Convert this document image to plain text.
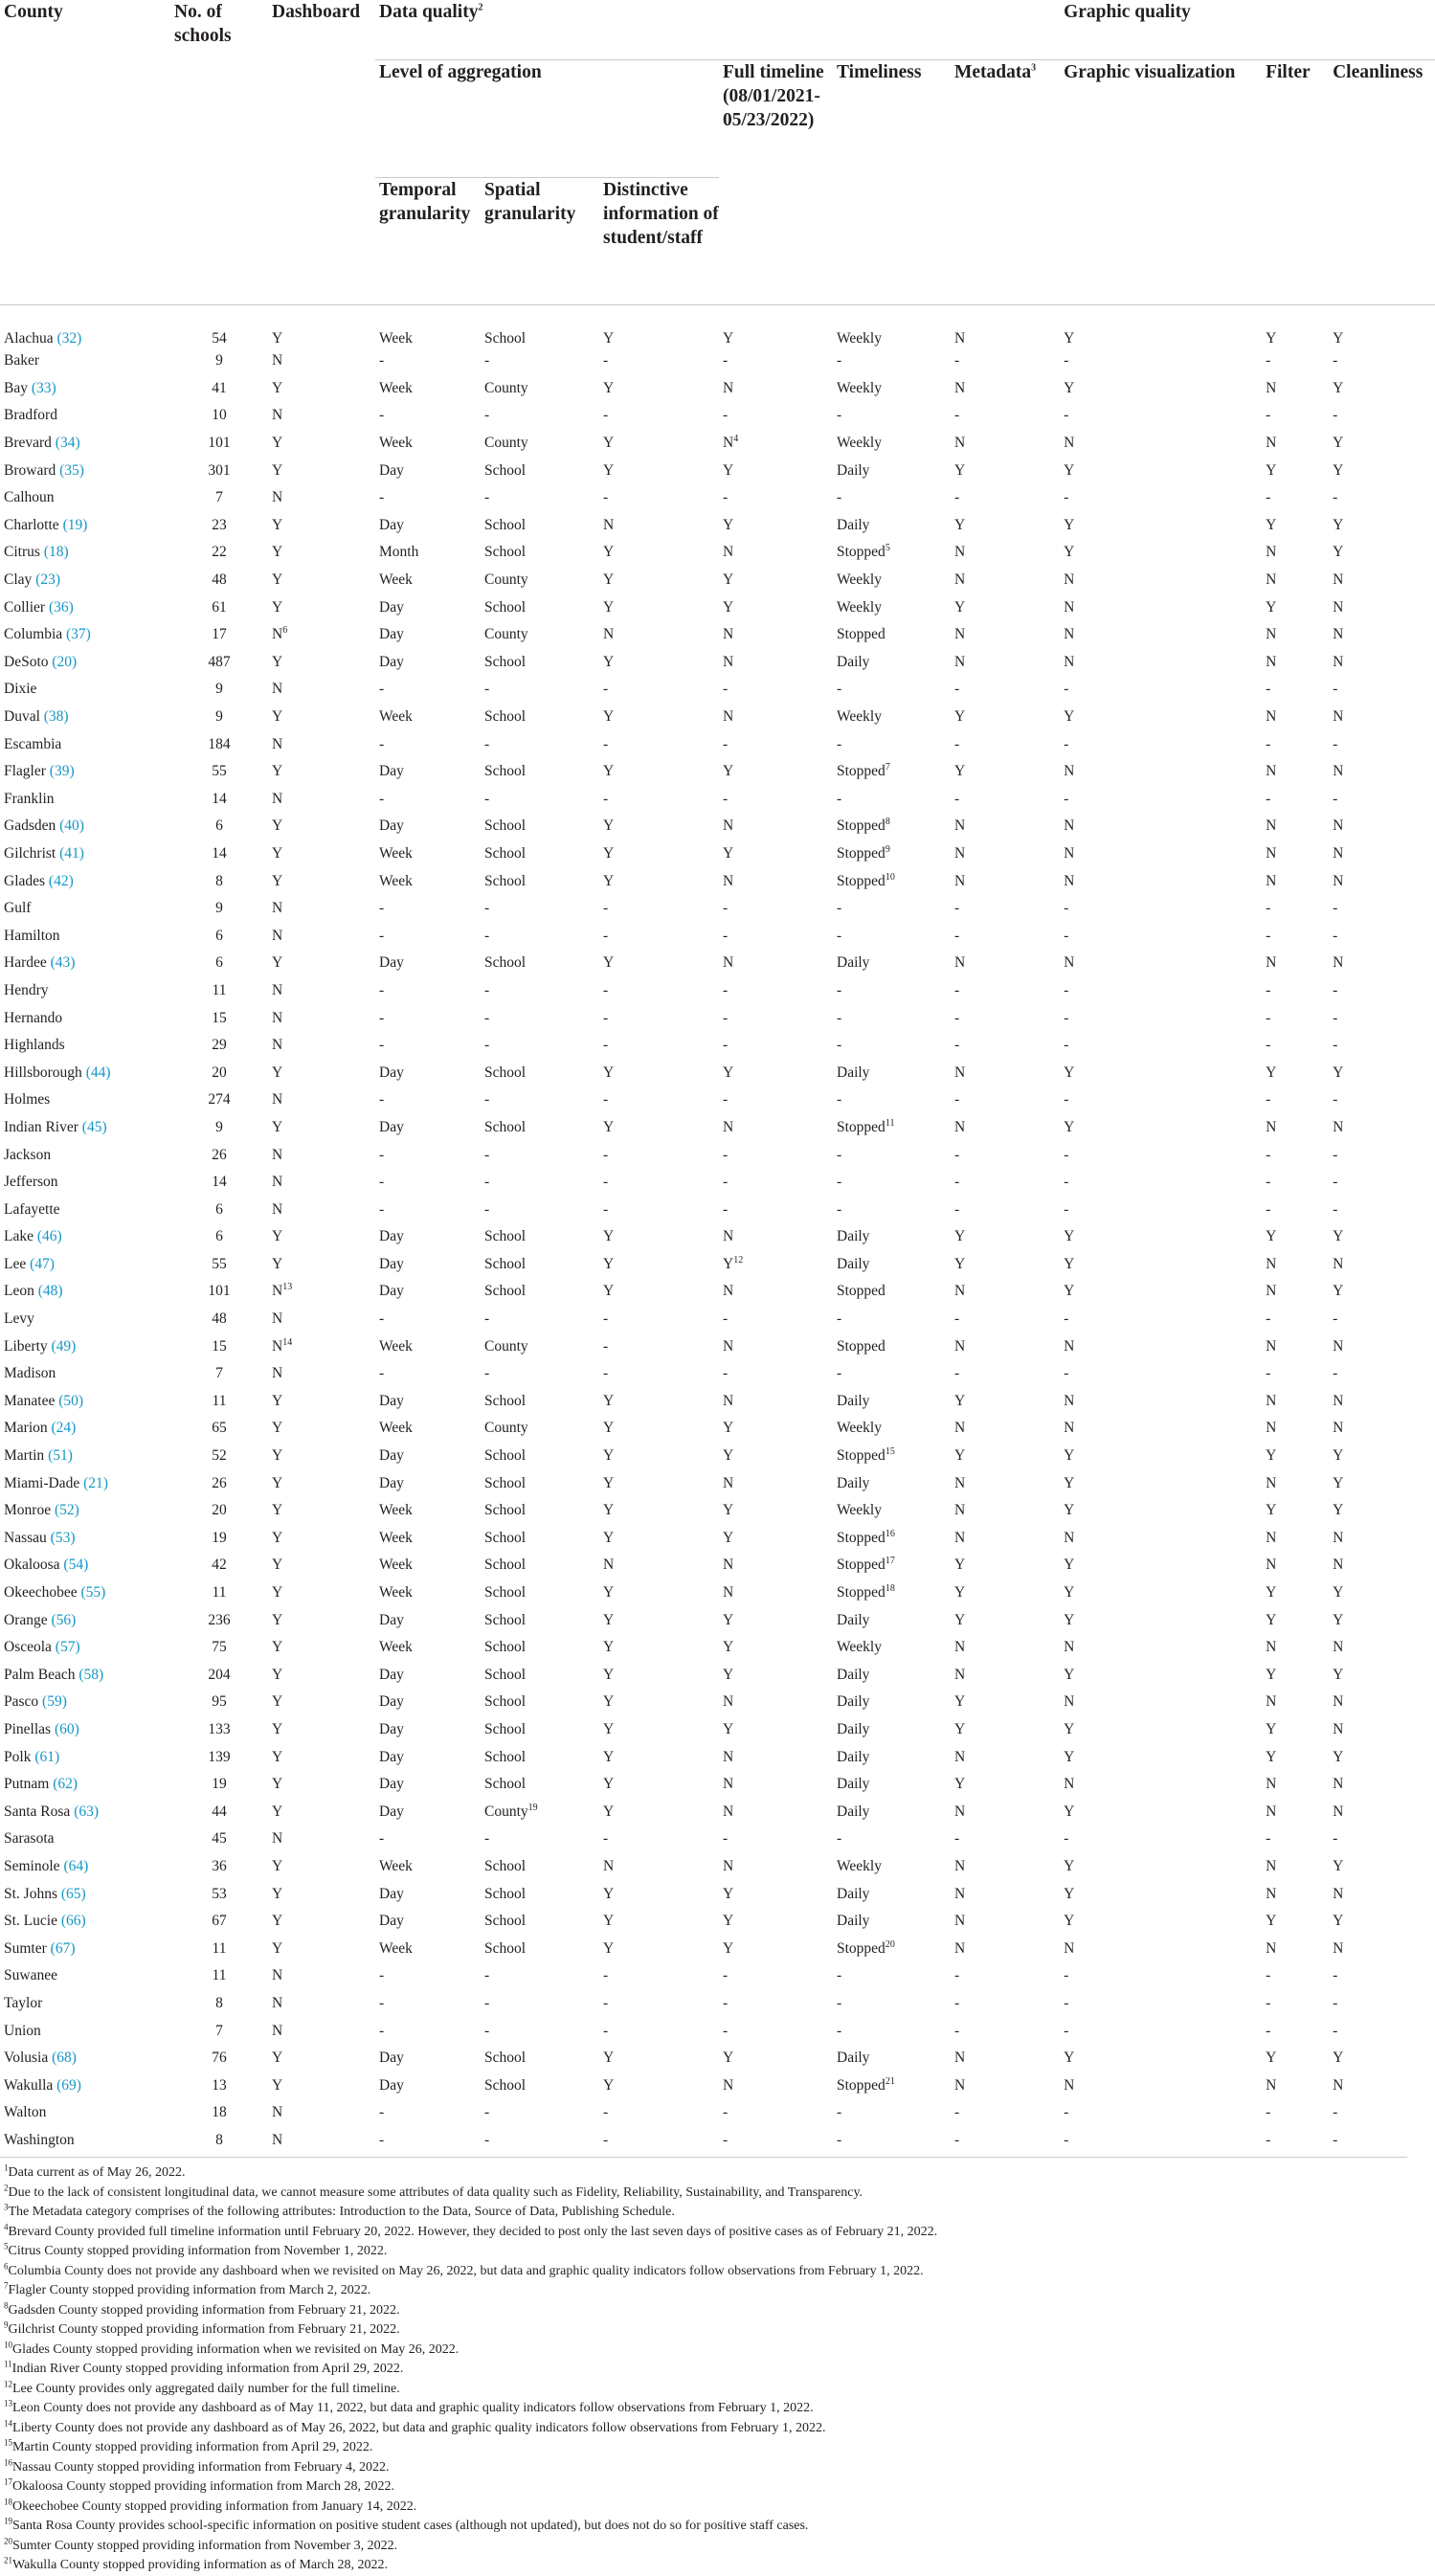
County	No. of schools	Dashboard	Data quality$^2$						Graphic quality		
			Level of aggregation			Full timeline (08/01/2021-05/23/2022)	Timeliness	Metadata$^3$	Graphic visualization	Filter	Cleanliness
			Temporal granularity	Spatial granularity	Distinctive information of student/staff						
Alachua (32)	54	Y	Week	School	Y	Y	Weekly	N	Y	Y	Y
Baker	9	N	-	-	-	-	-	-	-	-	-
Bay (33)	41	Y	Week	County	Y	N	Weekly	N	Y	N	Y
Bradford	10	N	-	-	-	-	-	-	-	-	-
Brevard (34)	101	Y	Week	County	Y	$N^4$	Weekly	N	N	N	Y
Broward (35)	301	Y	Day	School	Y	Y	Daily	Y	Y	Y	Y
Calhoun	7	N	-	-	-	-	-	-	-	-	-
Charlotte (19)	23	Y	Day	School	N	Y	Daily	Y	Y	Y	Y
Citrus (18)	22	Y	Month	School	Y	N	Stopped$^5$	N	Y	N	Y
Clay (23)	48	Y	Week	County	Y	Y	Weekly	N	N	N	N
Collier (36)	61	Y	Day	School	Y	Y	Weekly	Y	N	Y	N
Columbia (37)	17	$N^6$	Day	County	N	N	Stopped	N	N	N	N
DeSoto (20)	487	Y	Day	School	Y	N	Daily	N	N	N	N
Dixie	9	N	-	-	-	-	-	-	-	-	-
Duval (38)	9	Y	Week	School	Y	N	Weekly	Y	Y	N	N
Escambia	184	N	-	-	-	-	-	-	-	-	-
Flagler (39)	55	Y	Day	School	Y	Y	Stopped$^7$	Y	N	N	N
Franklin	14	N	-	-	-	-	-	-	-	-	-
Gadsden (40)	6	Y	Day	School	Y	N	Stopped$^8$	N	N	N	N
Gilchrist (41)	14	Y	Week	School	Y	Y	Stopped$^9$	N	N	N	N
Glades (42)	8	Y	Week	School	Y	N	Stopped$^{10}$	N	N	N	N
Gulf	9	N	-	-	-	-	-	-	-	-	-
Hamilton	6	N	-	-	-	-	-	-	-	-	-
Hardee (43)	6	Y	Day	School	Y	N	Daily	N	N	N	N
Hendry	11	N	-	-	-	-	-	-	-	-	-
Hernando	15	N	-	-	-	-	-	-	-	-	-
Highlands	29	N	-	-	-	-	-	-	-	-	-
Hillsborough (44)	20	Y	Day	School	Y	Y	Daily	N	Y	Y	Y
Holmes	274	N	-	-	-	-	-	-	-	-	-
Indian River (45)	9	Y	Day	School	Y	N	Stopped$^{11}$	N	Y	N	N
Jackson	26	N	-	-	-	-	-	-	-	-	-
Jefferson	14	N	-	-	-	-	-	-	-	-	-
Lafayette	6	N	-	-	-	-	-	-	-	-	-
Lake (46)	6	Y	Day	School	Y	N	Daily	Y	Y	Y	Y
Lee (47)	55	Y	Day	School	Y	$Y^{12}$	Daily	Y	Y	N	N
Leon (48)	101	$N^{13}$	Day	School	Y	N	Stopped	N	Y	N	Y
Levy	48	N	-	-	-	-	-	-	-	-	-
Liberty (49)	15	$N^{14}$	Week	County	-	N	Stopped	N	N	N	N
Madison	7	N	-	-	-	-	-	-	-	-	-
Manatee (50)	11	Y	Day	School	Y	N	Daily	Y	N	N	N
Marion (24)	65	Y	Week	County	Y	Y	Weekly	N	N	N	N
Martin (51)	52	Y	Day	School	Y	Y	Stopped$^{15}$	Y	Y	Y	Y
Miami-Dade (21)	26	Y	Day	School	Y	N	Daily	N	Y	N	Y
Monroe (52)	20	Y	Week	School	Y	Y	Weekly	N	Y	Y	Y
Nassau (53)	19	Y	Week	School	Y	Y	Stopped$^{16}$	N	N	N	N
Okaloosa (54)	42	Y	Week	School	N	N	Stopped$^{17}$	Y	Y	N	N
Okeechobee (55)	11	Y	Week	School	Y	N	Stopped$^{18}$	Y	Y	Y	Y
Orange (56)	236	Y	Day	School	Y	Y	Daily	Y	Y	Y	Y
Osceola (57)	75	Y	Week	School	Y	Y	Weekly	N	N	N	N
Palm Beach (58)	204	Y	Day	School	Y	Y	Daily	N	Y	Y	Y
Pasco (59)	95	Y	Day	School	Y	N	Daily	Y	N	N	N
Pinellas (60)	133	Y	Day	School	Y	Y	Daily	Y	Y	Y	N
Polk (61)	139	Y	Day	School	Y	N	Daily	N	Y	Y	Y
Putnam (62)	19	Y	Day	School	Y	N	Daily	Y	N	N	N
Santa Rosa (63)	44	Y	Day	County$^{19}$	Y	N	Daily	N	Y	N	N
Sarasota	45	N	-	-	-	-	-	-	-	-	-
Seminole (64)	36	Y	Week	School	N	N	Weekly	N	Y	N	Y
St. Johns (65)	53	Y	Day	School	Y	Y	Daily	N	Y	N	N
St. Lucie (66)	67	Y	Day	School	Y	Y	Daily	N	Y	Y	Y
Sumter (67)	11	Y	Week	School	Y	Y	Stopped$^{20}$	N	N	N	N
Suwanee	11	N	-	-	-	-	-	-	-	-	-
Taylor	8	N	-	-	-	-	-	-	-	-	-
Union	7	N	-	-	-	-	-	-	-	-	-
Volusia (68)	76	Y	Day	School	Y	Y	Daily	N	Y	Y	Y
Wakulla (69)	13	Y	Day	School	Y	N	Stopped$^{21}$	N	N	N	N
Walton	18	N	-	-	-	-	-	-	-	-	-
Washington	8	N	-	-	-	-	-	-	-	-	-
$^1$Data current as of May 26, 2022.
$^2$Due to the lack of consistent longitudinal data, we cannot measure some attributes of data quality such as Fidelity, Reliability, Sustainability, and Transparency.
$^3$The Metadata category comprises of the following attributes: Introduction to the Data, Source of Data, Publishing Schedule.
$^4$Brevard County provided full timeline information until February 20, 2022. However, they decided to post only the last seven days of positive cases as of February 21, 2022.
$^5$Citrus County stopped providing information from November 1, 2022.
$^6$Columbia County does not provide any dashboard when we revisited on May 26, 2022, but data and graphic quality indicators follow observations from February 1, 2022.
$^7$Flagler County stopped providing information from March 2, 2022.
$^8$Gadsden County stopped providing information from February 21, 2022.
$^9$Gilchrist County stopped providing information from February 21, 2022.
$^{10}$Glades County stopped providing information when we revisited on May 26, 2022.
$^{11}$Indian River County stopped providing information from April 29, 2022.
$^{12}$Lee County provides only aggregated daily number for the full timeline.
$^{13}$Leon County does not provide any dashboard as of May 11, 2022, but data and graphic quality indicators follow observations from February 1, 2022.
$^{14}$Liberty County does not provide any dashboard as of May 26, 2022, but data and graphic quality indicators follow observations from February 1, 2022.
$^{15}$Martin County stopped providing information from April 29, 2022.
$^{16}$Nassau County stopped providing information from February 4, 2022.
$^{17}$Okaloosa County stopped providing information from March 28, 2022.
$^{18}$Okeechobee County stopped providing information from January 14, 2022.
$^{19}$Santa Rosa County provides school-specific information on positive student cases (although not updated), but does not do so for positive staff cases.
$^{20}$Sumter County stopped providing information from November 3, 2022.
$^{21}$Wakulla County stopped providing information as of March 28, 2022.
